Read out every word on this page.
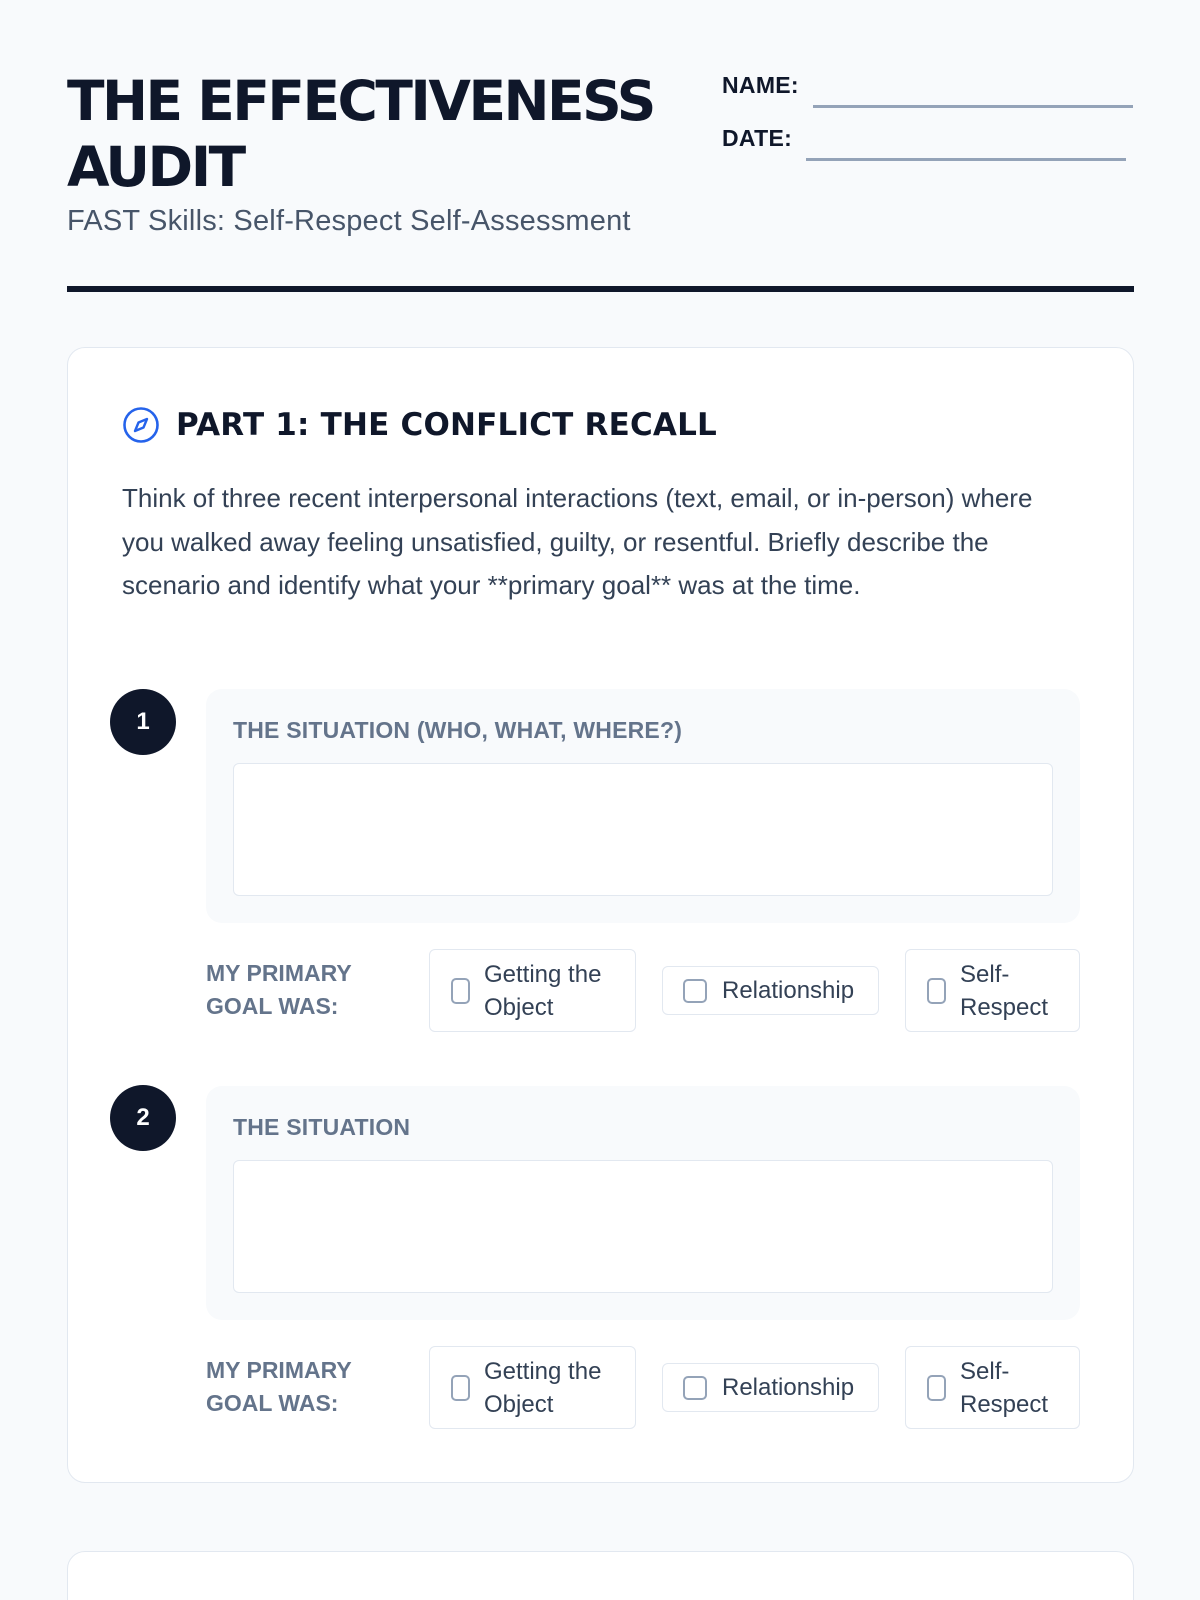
THE EFFECTIVENESS AUDIT
FAST Skills: Self-Respect Self-Assessment
NAME:
DATE:
PART 1: THE CONFLICT RECALL

Think of three recent interpersonal interactions (text, email, or in-person) where you walked away feeling unsatisfied, guilty, or resentful. Briefly describe the scenario and identify what your **primary goal** was at the time.

1	THE SITUATION (WHO, WHAT, WHERE?)
MY PRIMARY GOAL WAS:
Getting the Object
Relationship
Self-Respect
2	THE SITUATION
MY PRIMARY GOAL WAS:
Getting the Object
Relationship
Self-Respect
